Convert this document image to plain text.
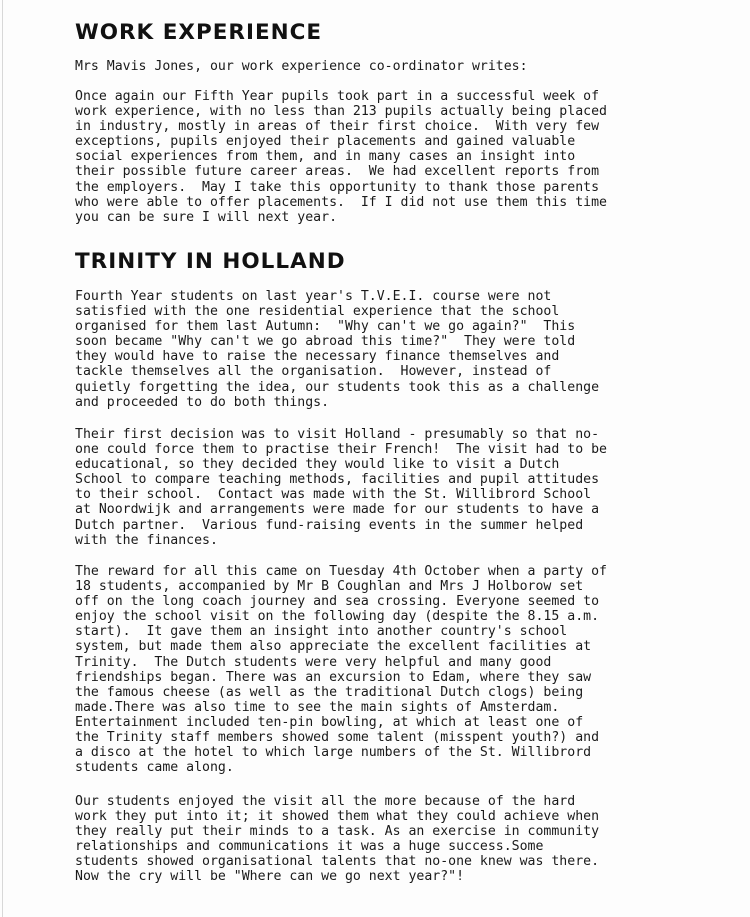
WORK EXPERIENCE
Mrs Mavis Jones, our work experience co-ordinator writes:
Once again our Fifth Year pupils took part in a successful week of
work experience, with no less than 213 pupils actually being placed
in industry, mostly in areas of their first choice.  With very few
exceptions, pupils enjoyed their placements and gained valuable
social experiences from them, and in many cases an insight into
their possible future career areas.  We had excellent reports from
the employers.  May I take this opportunity to thank those parents
who were able to offer placements.  If I did not use them this time
you can be sure I will next year.
TRINITY IN HOLLAND
Fourth Year students on last year's T.V.E.I. course were not
satisfied with the one residential experience that the school
organised for them last Autumn:  "Why can't we go again?"  This
soon became "Why can't we go abroad this time?"  They were told
they would have to raise the necessary finance themselves and
tackle themselves all the organisation.  However, instead of
quietly forgetting the idea, our students took this as a challenge
and proceeded to do both things.
Their first decision was to visit Holland - presumably so that no-
one could force them to practise their French!  The visit had to be
educational, so they decided they would like to visit a Dutch
School to compare teaching methods, facilities and pupil attitudes
to their school.  Contact was made with the St. Willibrord School
at Noordwijk and arrangements were made for our students to have a
Dutch partner.  Various fund-raising events in the summer helped
with the finances.
The reward for all this came on Tuesday 4th October when a party of
18 students, accompanied by Mr B Coughlan and Mrs J Holborow set
off on the long coach journey and sea crossing. Everyone seemed to
enjoy the school visit on the following day (despite the 8.15 a.m.
start).  It gave them an insight into another country's school
system, but made them also appreciate the excellent facilities at
Trinity.  The Dutch students were very helpful and many good
friendships began. There was an excursion to Edam, where they saw
the famous cheese (as well as the traditional Dutch clogs) being
made.There was also time to see the main sights of Amsterdam.
Entertainment included ten-pin bowling, at which at least one of
the Trinity staff members showed some talent (misspent youth?) and
a disco at the hotel to which large numbers of the St. Willibrord
students came along.
Our students enjoyed the visit all the more because of the hard
work they put into it; it showed them what they could achieve when
they really put their minds to a task. As an exercise in community
relationships and communications it was a huge success.Some
students showed organisational talents that no-one knew was there.
Now the cry will be "Where can we go next year?"!
